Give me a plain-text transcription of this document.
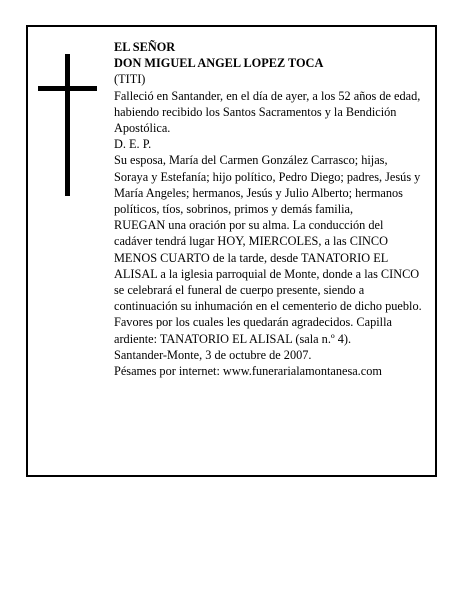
EL SEÑOR

DON MIGUEL ANGEL LOPEZ TOCA

(TITI)

Falleció en Santander, en el día de ayer, a los 52 años de edad, habiendo recibido los Santos Sacramentos y la Bendición Apostólica.

D. E. P.

Su esposa, María del Carmen González Carrasco; hijas, Soraya y Estefanía; hijo político, Pedro Diego; padres, Jesús y María Angeles; hermanos, Jesús y Julio Alberto; hermanos políticos, tíos, sobrinos, primos y demás familia,

RUEGAN una oración por su alma. La conducción del cadáver tendrá lugar HOY, MIERCOLES, a las CINCO MENOS CUARTO de la tarde, desde TANATORIO EL ALISAL a la iglesia parroquial de Monte, donde a las CINCO se celebrará el funeral de cuerpo presente, siendo a continuación su inhumación en el cementerio de dicho pueblo. Favores por los cuales les quedarán agradecidos. Capilla ardiente: TANATORIO EL ALISAL (sala n.º 4).

Santander-Monte, 3 de octubre de 2007.

Pésames por internet: www.funerarialamontanesa.com
